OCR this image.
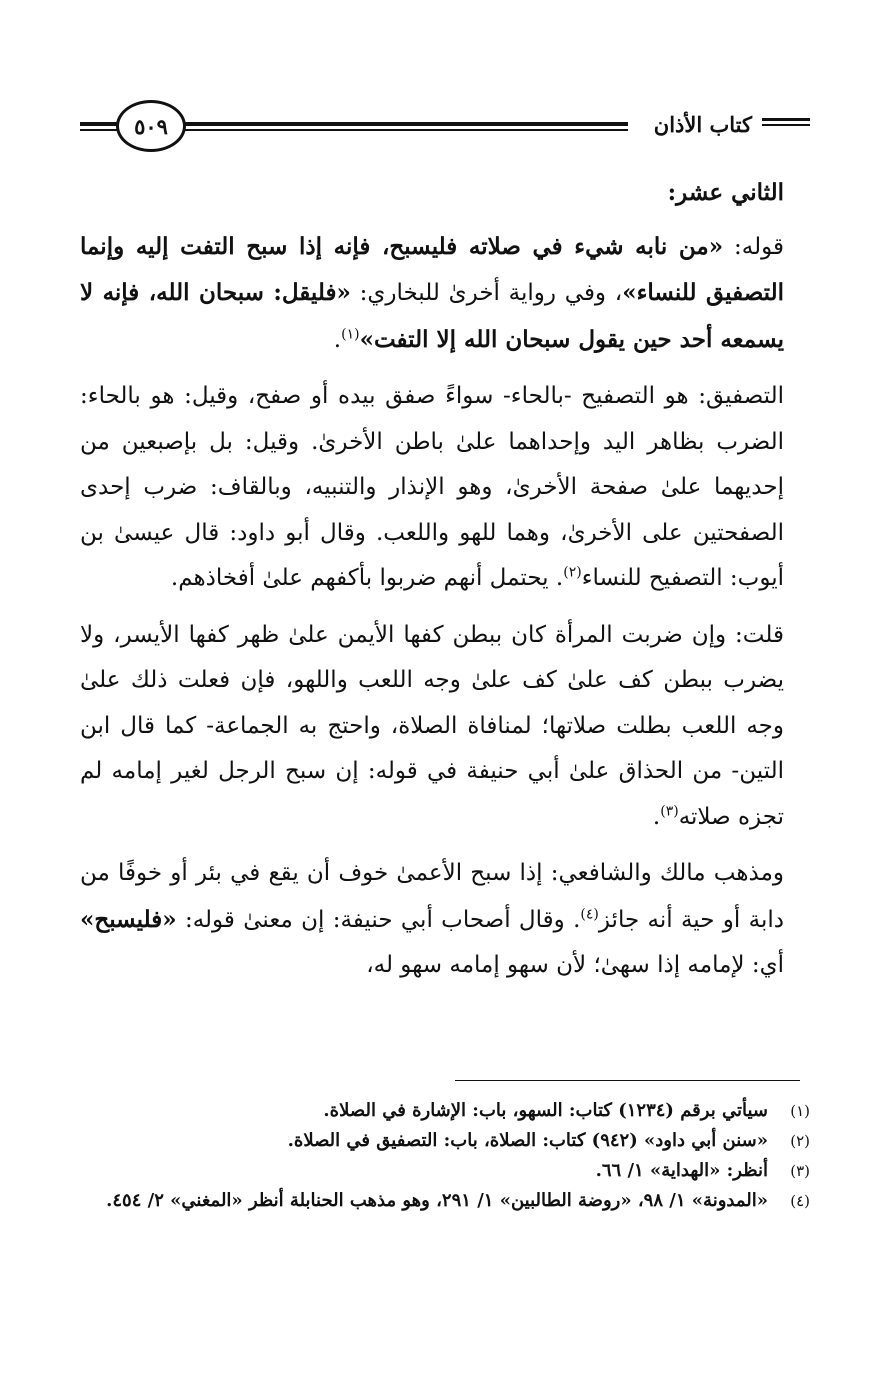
كتاب الأذان
٥٠٩

الثاني عشر:

قوله: «من نابه شيء في صلاته فليسبح، فإنه إذا سبح التفت إليه وإنما التصفيق للنساء»، وفي رواية أخرىٰ للبخاري: «فليقل: سبحان الله، فإنه لا يسمعه أحد حين يقول سبحان الله إلا التفت»$^{(١)}$.

التصفيق: هو التصفيح -بالحاء- سواءً صفق بيده أو صفح، وقيل: هو بالحاء: الضرب بظاهر اليد وإحداهما علىٰ باطن الأخرىٰ. وقيل: بل بإصبعين من إحديهما علىٰ صفحة الأخرىٰ، وهو الإنذار والتنبيه، وبالقاف: ضرب إحدى الصفحتين على الأخرىٰ، وهما للهو واللعب. وقال أبو داود: قال عيسىٰ بن أيوب: التصفيح للنساء$^{(٢)}$. يحتمل أنهم ضربوا بأكفهم علىٰ أفخاذهم.

قلت: وإن ضربت المرأة كان ببطن كفها الأيمن علىٰ ظهر كفها الأيسر، ولا يضرب ببطن كف علىٰ كف علىٰ وجه اللعب واللهو، فإن فعلت ذلك علىٰ وجه اللعب بطلت صلاتها؛ لمنافاة الصلاة، واحتج به الجماعة- كما قال ابن التين- من الحذاق علىٰ أبي حنيفة في قوله: إن سبح الرجل لغير إمامه لم تجزه صلاته$^{(٣)}$.

ومذهب مالك والشافعي: إذا سبح الأعمىٰ خوف أن يقع في بئر أو خوفًا من دابة أو حية أنه جائز$^{(٤)}$. وقال أصحاب أبي حنيفة: إن معنىٰ قوله: «فليسبح» أي: لإمامه إذا سهىٰ؛ لأن سهو إمامه سهو له،

(١)
سيأتي برقم (١٢٣٤) كتاب: السهو، باب: الإشارة في الصلاة.
(٢)
«سنن أبي داود» (٩٤٢) كتاب: الصلاة، باب: التصفيق في الصلاة.
(٣)
أنظر: «الهداية» ١/ ٦٦.
(٤)
«المدونة» ١/ ٩٨، «روضة الطالبين» ١/ ٢٩١، وهو مذهب الحنابلة أنظر «المغني» ٢/ ٤٥٤.
